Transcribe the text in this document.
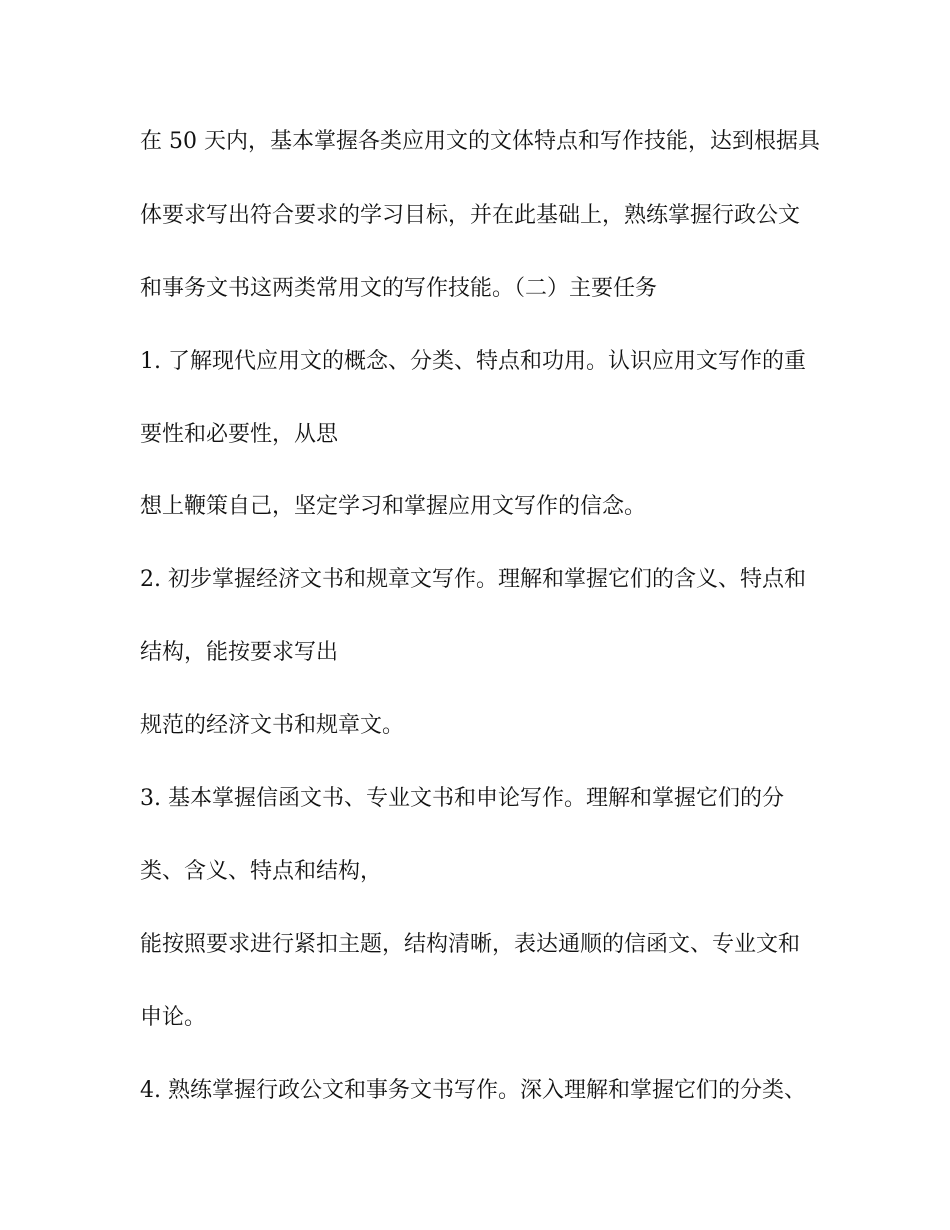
在 50 天内，基本掌握各类应用文的文体特点和写作技能，达到根据具
体要求写出符合要求的学习目标，并在此基础上，熟练掌握行政公文
和事务文书这两类常用文的写作技能。（二）主要任务
1. 了解现代应用文的概念、分类、特点和功用。认识应用文写作的重
要性和必要性，从思
想上鞭策自己，坚定学习和掌握应用文写作的信念。
2. 初步掌握经济文书和规章文写作。理解和掌握它们的含义、特点和
结构，能按要求写出
规范的经济文书和规章文。
3. 基本掌握信函文书、专业文书和申论写作。理解和掌握它们的分
类、含义、特点和结构，
能按照要求进行紧扣主题，结构清晰，表达通顺的信函文、专业文和
申论。
4. 熟练掌握行政公文和事务文书写作。深入理解和掌握它们的分类、
